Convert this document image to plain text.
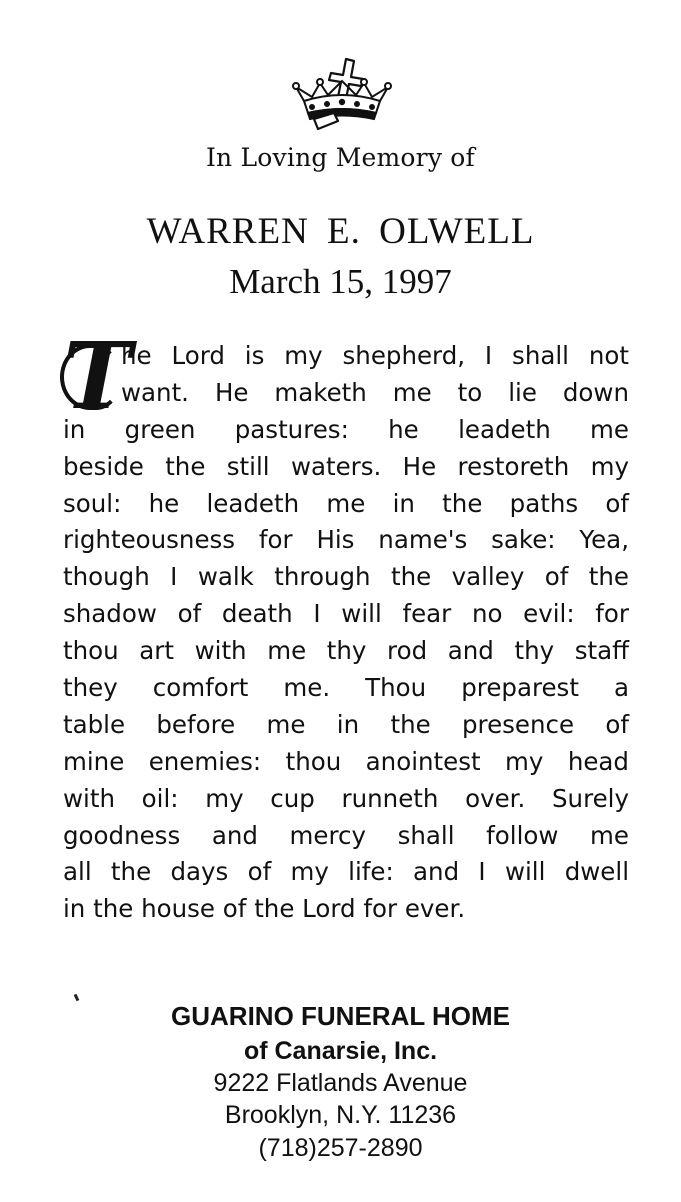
In Loving Memory of
WARREN E. OLWELL
March 15, 1997
T
he Lord is my shepherd, I shall not
want. He maketh me to lie down
in green pastures: he leadeth me
beside the still waters. He restoreth my
soul: he leadeth me in the paths of
righteousness for His name's sake: Yea,
though I walk through the valley of the
shadow of death I will fear no evil: for
thou art with me thy rod and thy staff
they comfort me. Thou preparest a
table before me in the presence of
mine enemies: thou anointest my head
with oil: my cup runneth over. Surely
goodness and mercy shall follow me
all the days of my life: and I will dwell
in the house of the Lord for ever.
GUARINO FUNERAL HOME
of Canarsie, Inc.
9222 Flatlands Avenue
Brooklyn, N.Y. 11236
(718)257-2890
